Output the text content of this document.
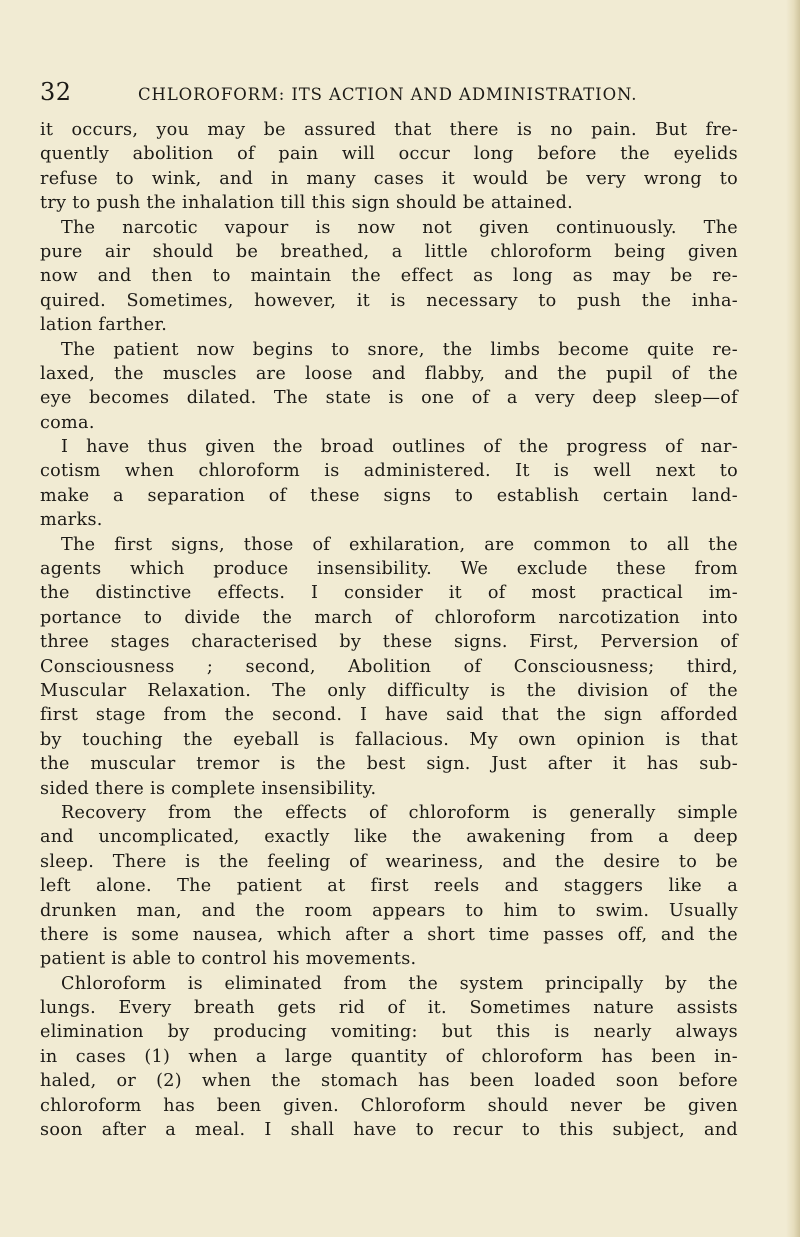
32	CHLOROFORM: ITS ACTION AND ADMINISTRATION.
it occurs, you may be assured that there is no pain. But fre-
quently abolition of pain will occur long before the eyelids
refuse to wink, and in many cases it would be very wrong to
try to push the inhalation till this sign should be attained.
The narcotic vapour is now not given continuously. The
pure air should be breathed, a little chloroform being given
now and then to maintain the effect as long as may be re-
quired. Sometimes, however, it is necessary to push the inha-
lation farther.
The patient now begins to snore, the limbs become quite re-
laxed, the muscles are loose and flabby, and the pupil of the
eye becomes dilated. The state is one of a very deep sleep—of
coma.
I have thus given the broad outlines of the progress of nar-
cotism when chloroform is administered. It is well next to
make a separation of these signs to establish certain land-
marks.
The first signs, those of exhilaration, are common to all the
agents which produce insensibility. We exclude these from
the distinctive effects. I consider it of most practical im-
portance to divide the march of chloroform narcotization into
three stages characterised by these signs. First, Perversion of
Consciousness ; second, Abolition of Consciousness; third,
Muscular Relaxation. The only difficulty is the division of the
first stage from the second. I have said that the sign afforded
by touching the eyeball is fallacious. My own opinion is that
the muscular tremor is the best sign. Just after it has sub-
sided there is complete insensibility.
Recovery from the effects of chloroform is generally simple
and uncomplicated, exactly like the awakening from a deep
sleep. There is the feeling of weariness, and the desire to be
left alone. The patient at first reels and staggers like a
drunken man, and the room appears to him to swim. Usually
there is some nausea, which after a short time passes off, and the
patient is able to control his movements.
Chloroform is eliminated from the system principally by the
lungs. Every breath gets rid of it. Sometimes nature assists
elimination by producing vomiting: but this is nearly always
in cases (1) when a large quantity of chloroform has been in-
haled, or (2) when the stomach has been loaded soon before
chloroform has been given. Chloroform should never be given
soon after a meal. I shall have to recur to this subject, and
